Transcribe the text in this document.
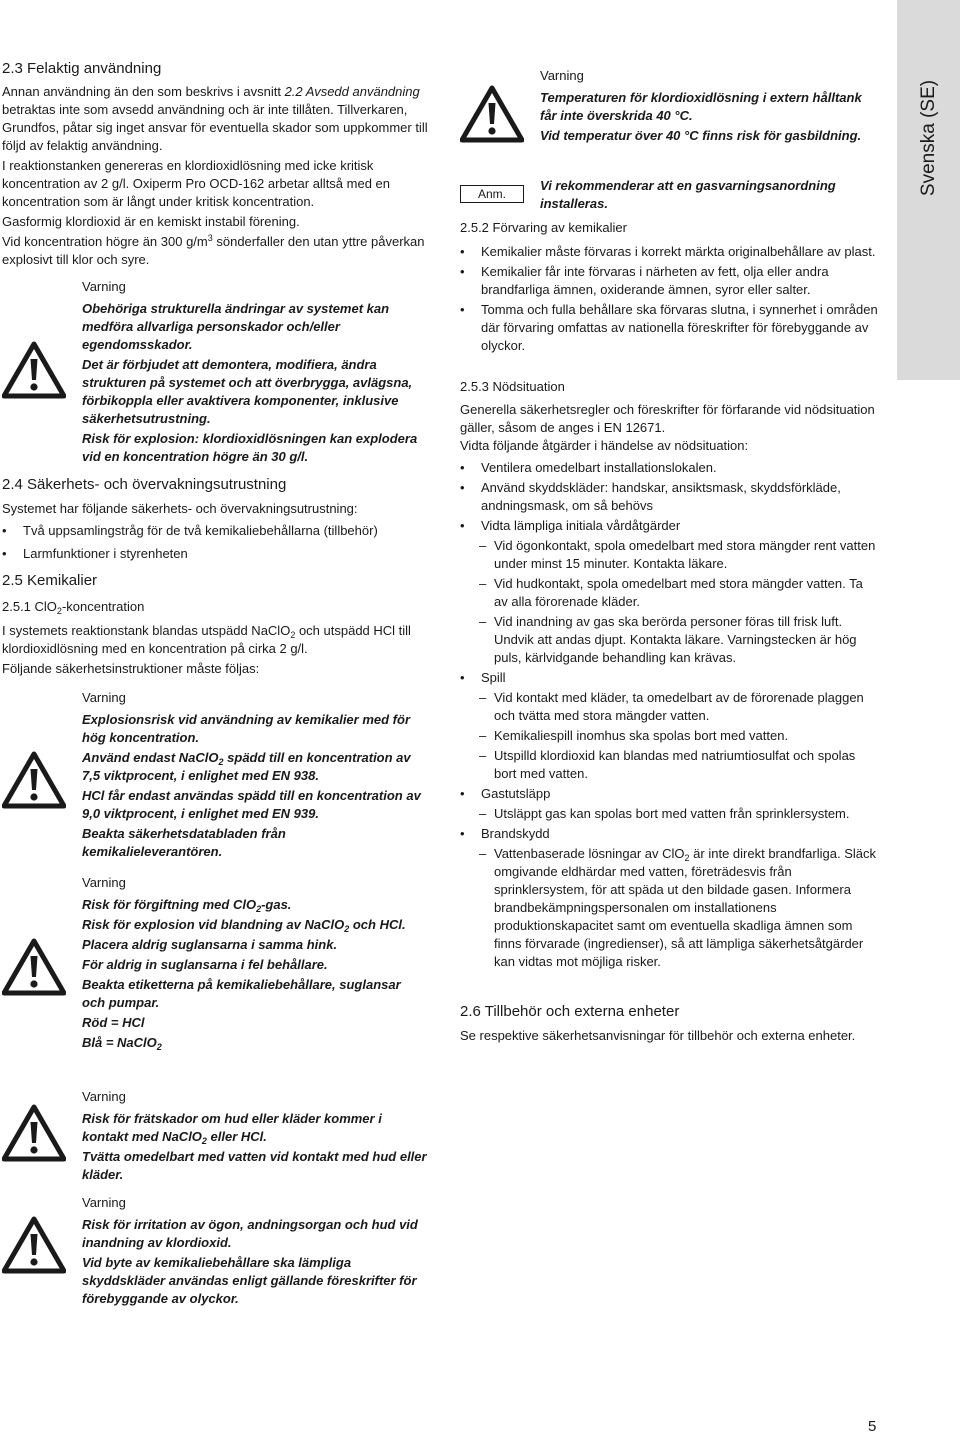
Svenska (SE)

2.3 Felaktig användning

Annan användning än den som beskrivs i avsnitt 2.2 Avsedd användning betraktas inte som avsedd användning och är inte tillåten. Tillverkaren, Grundfos, påtar sig inget ansvar för eventuella skador som uppkommer till följd av felaktig användning.

I reaktionstanken genereras en klordioxidlösning med icke kritisk koncentration av 2 g/l. Oxiperm Pro OCD-162 arbetar alltså med en koncentration som är långt under kritisk koncentration.

Gasformig klordioxid är en kemiskt instabil förening.

Vid koncentration högre än 300 $g/m^3$ sönderfaller den utan yttre påverkan explosivt till klor och syre.

Varning

Obehöriga strukturella ändringar av systemet kan medföra allvarliga personskador och/eller egendomsskador.

Det är förbjudet att demontera, modifiera, ändra strukturen på systemet och att överbrygga, avlägsna, förbikoppla eller avaktivera komponenter, inklusive säkerhetsutrustning.

Risk för explosion: klordioxidlösningen kan explodera vid en koncentration högre än 30 g/l.

2.4 Säkerhets- och övervakningsutrustning

Systemet har följande säkerhets- och övervakningsutrustning:

• Två uppsamlingstråg för de två kemikaliebehållarna (tillbehör)
• Larmfunktioner i styrenheten

2.5 Kemikalier

2.5.1 ClO$_2$-koncentration

I systemets reaktionstank blandas utspädd NaClO$_2$ och utspädd HCl till klordioxidlösning med en koncentration på cirka 2 g/l.

Följande säkerhetsinstruktioner måste följas:

Varning

Explosionsrisk vid användning av kemikalier med för hög koncentration.

Använd endast NaClO$_2$ spädd till en koncentration av 7,5 viktprocent, i enlighet med EN 938.

HCl får endast användas spädd till en koncentration av 9,0 viktprocent, i enlighet med EN 939.

Beakta säkerhetsdatabladen från kemikalieleverantören.

Varning

Risk för förgiftning med ClO$_2$-gas.

Risk för explosion vid blandning av NaClO$_2$ och HCl.

Placera aldrig suglansarna i samma hink.

För aldrig in suglansarna i fel behållare.

Beakta etiketterna på kemikaliebehållare, suglansar och pumpar.

Röd = HCl

Blå = NaClO$_2$

Varning

Risk för frätskador om hud eller kläder kommer i kontakt med NaClO$_2$ eller HCl.

Tvätta omedelbart med vatten vid kontakt med hud eller kläder.

Varning

Risk för irritation av ögon, andningsorgan och hud vid inandning av klordioxid.

Vid byte av kemikaliebehållare ska lämpliga skyddskläder användas enligt gällande föreskrifter för förebyggande av olyckor.

Varning

Temperaturen för klordioxidlösning i extern hålltank får inte överskrida 40 °C.

Vid temperatur över 40 °C finns risk för gasbildning.

Anm.

Vi rekommenderar att en gasvarningsanordning installeras.

2.5.2 Förvaring av kemikalier

• Kemikalier måste förvaras i korrekt märkta originalbehållare av plast.
• Kemikalier får inte förvaras i närheten av fett, olja eller andra brandfarliga ämnen, oxiderande ämnen, syror eller salter.
• Tomma och fulla behållare ska förvaras slutna, i synnerhet i områden där förvaring omfattas av nationella föreskrifter för förebyggande av olyckor.

2.5.3 Nödsituation

Generella säkerhetsregler och föreskrifter för förfarande vid nödsituation gäller, såsom de anges i EN 12671.

Vidta följande åtgärder i händelse av nödsituation:

• Ventilera omedelbart installationslokalen.
• Använd skyddskläder: handskar, ansiktsmask, skyddsförkläde, andningsmask, om så behövs
• Vidta lämpliga initiala vårdåtgärder
– Vid ögonkontakt, spola omedelbart med stora mängder rent vatten under minst 15 minuter. Kontakta läkare.
– Vid hudkontakt, spola omedelbart med stora mängder vatten. Ta av alla förorenade kläder.
– Vid inandning av gas ska berörda personer föras till frisk luft. Undvik att andas djupt. Kontakta läkare. Varningstecken är hög puls, kärlvidgande behandling kan krävas.
• Spill
– Vid kontakt med kläder, ta omedelbart av de förorenade plaggen och tvätta med stora mängder vatten.
– Kemikaliespill inomhus ska spolas bort med vatten.
– Utspilld klordioxid kan blandas med natriumtiosulfat och spolas bort med vatten.
• Gastutsläpp
– Utsläppt gas kan spolas bort med vatten från sprinklersystem.
• Brandskydd
– Vattenbaserade lösningar av ClO$_2$ är inte direkt brandfarliga. Släck omgivande eldhärdar med vatten, företrädesvis från sprinklersystem, för att späda ut den bildade gasen. Informera brandbekämpningspersonalen om installationens produktionskapacitet samt om eventuella skadliga ämnen som finns förvarade (ingredienser), så att lämpliga säkerhetsåtgärder kan vidtas mot möjliga risker.

2.6 Tillbehör och externa enheter

Se respektive säkerhetsanvisningar för tillbehör och externa enheter.

5
